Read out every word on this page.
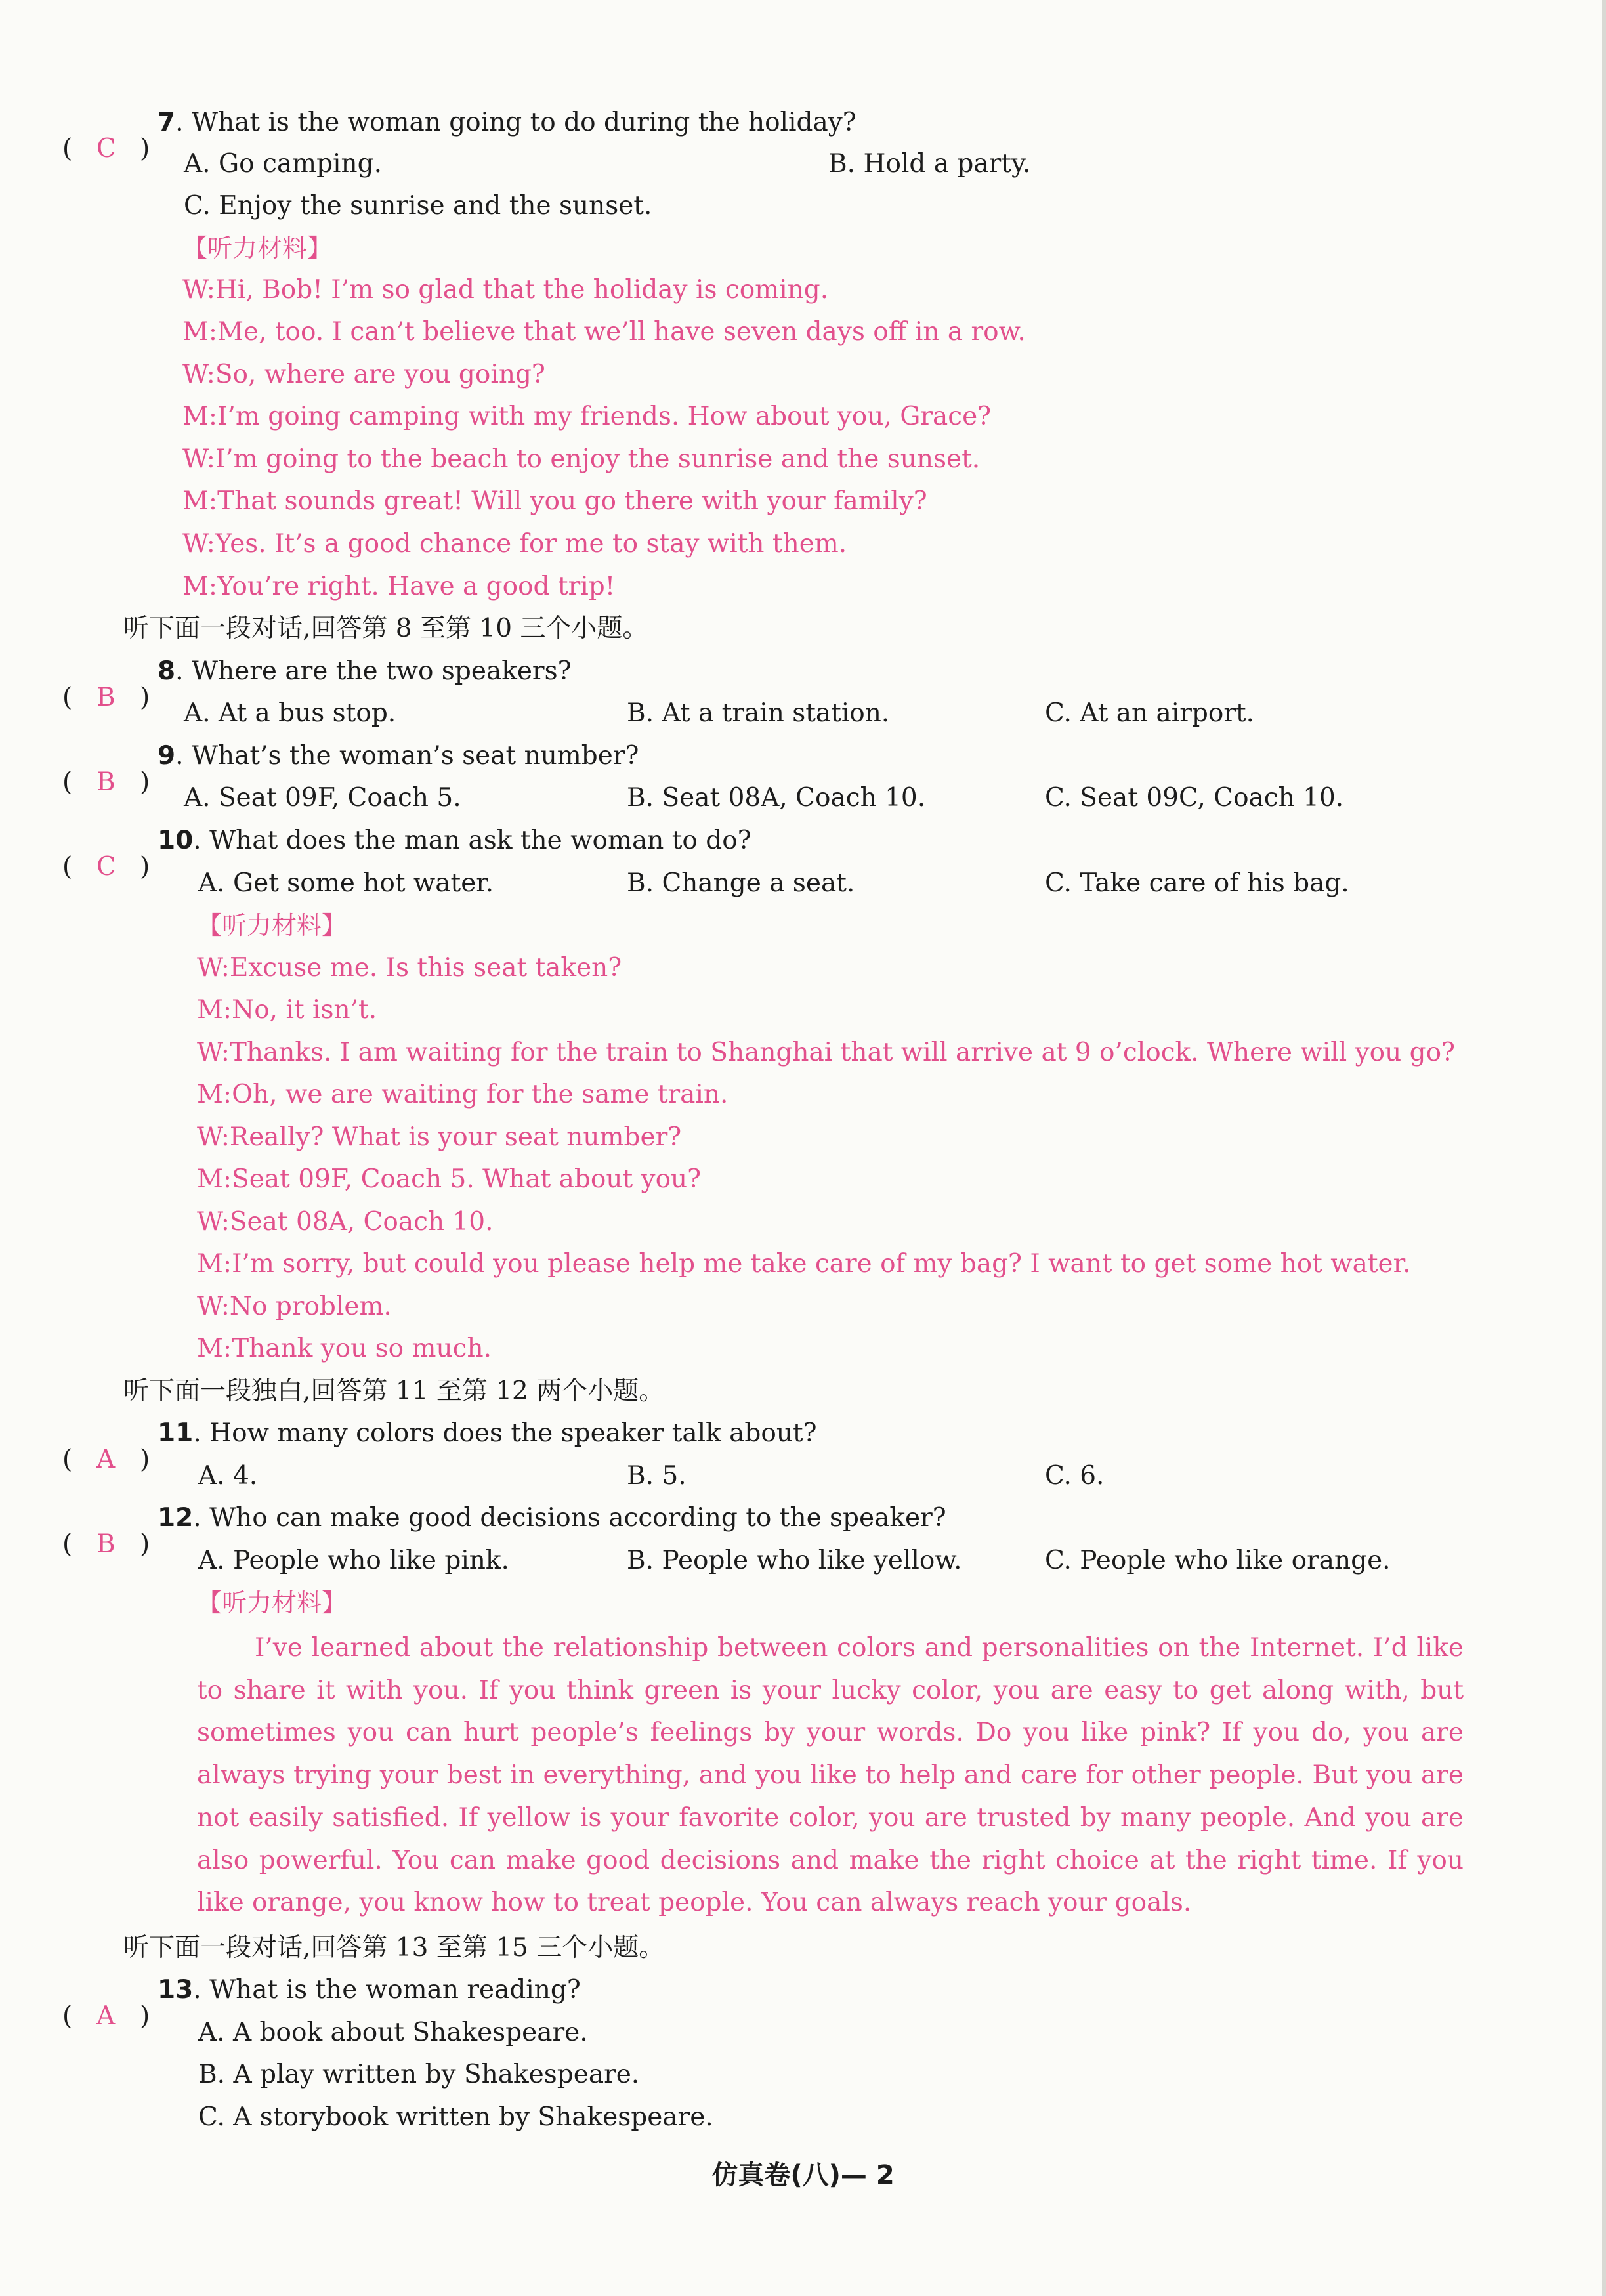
( C )
7. What is the woman going to do during the holiday?
A. Go camping.	B. Hold a party.
C. Enjoy the sunrise and the sunset.
【听力材料】
W:Hi, Bob! I’m so glad that the holiday is coming.
M:Me, too. I can’t believe that we’ll have seven days off in a row.
W:So, where are you going?
M:I’m going camping with my friends. How about you, Grace?
W:I’m going to the beach to enjoy the sunrise and the sunset.
M:That sounds great! Will you go there with your family?
W:Yes. It’s a good chance for me to stay with them.
M:You’re right. Have a good trip!
听下面一段对话,回答第 8 至第 10 三个小题。
( B )
8. Where are the two speakers?
A. At a bus stop.	B. At a train station.	C. At an airport.
( B )
9. What’s the woman’s seat number?
A. Seat 09F, Coach 5.	B. Seat 08A, Coach 10.	C. Seat 09C, Coach 10.
( C )
10. What does the man ask the woman to do?
A. Get some hot water.	B. Change a seat.	C. Take care of his bag.
【听力材料】
W:Excuse me. Is this seat taken?
M:No, it isn’t.
W:Thanks. I am waiting for the train to Shanghai that will arrive at 9 o’clock. Where will you go?
M:Oh, we are waiting for the same train.
W:Really? What is your seat number?
M:Seat 09F, Coach 5. What about you?
W:Seat 08A, Coach 10.
M:I’m sorry, but could you please help me take care of my bag? I want to get some hot water.
W:No problem.
M:Thank you so much.
听下面一段独白,回答第 11 至第 12 两个小题。
( A )
11. How many colors does the speaker talk about?
A. 4.	B. 5.	C. 6.
( B )
12. Who can make good decisions according to the speaker?
A. People who like pink.	B. People who like yellow.	C. People who like orange.
【听力材料】
I’ve learned about the relationship between colors and personalities on the Internet. I’d like to share it with you. If you think green is your lucky color, you are easy to get along with, but sometimes you can hurt people’s feelings by your words. Do you like pink? If you do, you are always trying your best in everything, and you like to help and care for other people. But you are not easily satisfied. If yellow is your favorite color, you are trusted by many people. And you are also powerful. You can make good decisions and make the right choice at the right time. If you like orange, you know how to treat people. You can always reach your goals.
听下面一段对话,回答第 13 至第 15 三个小题。
( A )
13. What is the woman reading?
A. A book about Shakespeare.
B. A play written by Shakespeare.
C. A storybook written by Shakespeare.
仿真卷(八)— 2
